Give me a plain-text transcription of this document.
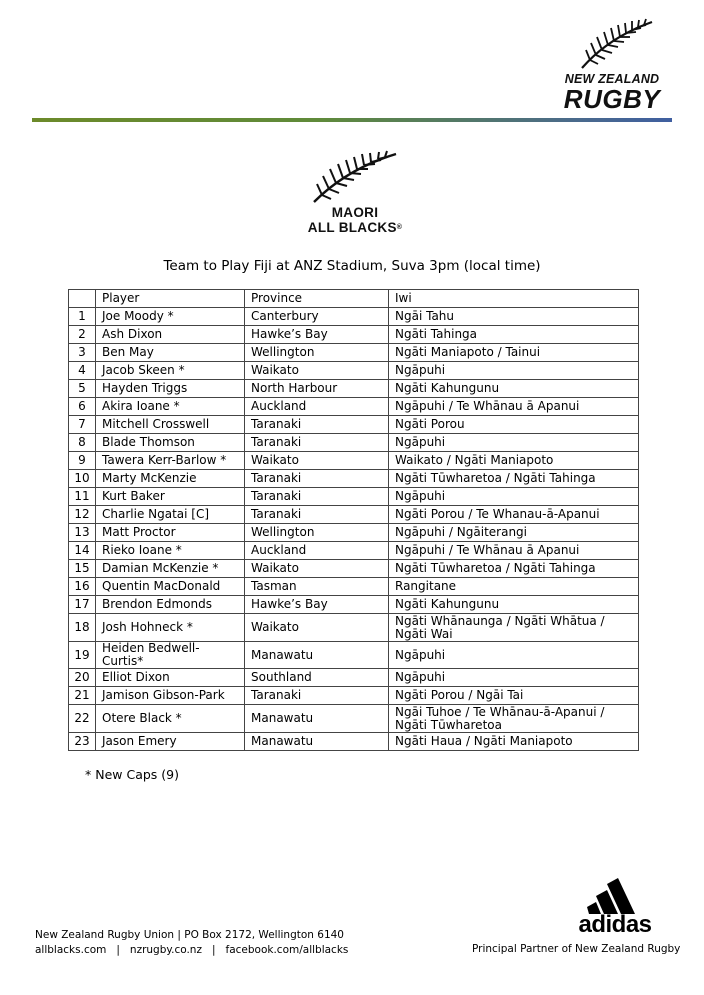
NEW ZEALAND
RUGBY
MAORI
ALL BLACKS®
Team to Play Fiji at ANZ Stadium, Suva 3pm (local time)
	Player	Province	Iwi
1	Joe Moody *	Canterbury	Ngāi Tahu
2	Ash Dixon	Hawke’s Bay	Ngāti Tahinga
3	Ben May	Wellington	Ngāti Maniapoto / Tainui
4	Jacob Skeen *	Waikato	Ngāpuhi
5	Hayden Triggs	North Harbour	Ngāti Kahungunu
6	Akira Ioane *	Auckland	Ngāpuhi / Te Whānau ā Apanui
7	Mitchell Crosswell	Taranaki	Ngāti Porou
8	Blade Thomson	Taranaki	Ngāpuhi
9	Tawera Kerr-Barlow *	Waikato	Waikato / Ngāti Maniapoto
10	Marty McKenzie	Taranaki	Ngāti Tūwharetoa / Ngāti Tahinga
11	Kurt Baker	Taranaki	Ngāpuhi
12	Charlie Ngatai [C]	Taranaki	Ngāti Porou / Te Whanau-ā-Apanui
13	Matt Proctor	Wellington	Ngāpuhi / Ngāiterangi
14	Rieko Ioane *	Auckland	Ngāpuhi / Te Whānau ā Apanui
15	Damian McKenzie *	Waikato	Ngāti Tūwharetoa / Ngāti Tahinga
16	Quentin MacDonald	Tasman	Rangitane
17	Brendon Edmonds	Hawke’s Bay	Ngāti Kahungunu
18	Josh Hohneck *	Waikato	Ngāti Whānaunga / Ngāti Whātua / Ngāti Wai
19	Heiden Bedwell-Curtis*	Manawatu	Ngāpuhi
20	Elliot Dixon	Southland	Ngāpuhi
21	Jamison Gibson-Park	Taranaki	Ngāti Porou / Ngāi Tai
22	Otere Black *	Manawatu	Ngāi Tuhoe / Te Whānau-ā-Apanui / Ngāti Tūwharetoa
23	Jason Emery	Manawatu	Ngāti Haua / Ngāti Maniapoto
* New Caps (9)
New Zealand Rugby Union | PO Box 2172, Wellington 6140
allblacks.com | nzrugby.co.nz | facebook.com/allblacks
adidas
Principal Partner of New Zealand Rugby
